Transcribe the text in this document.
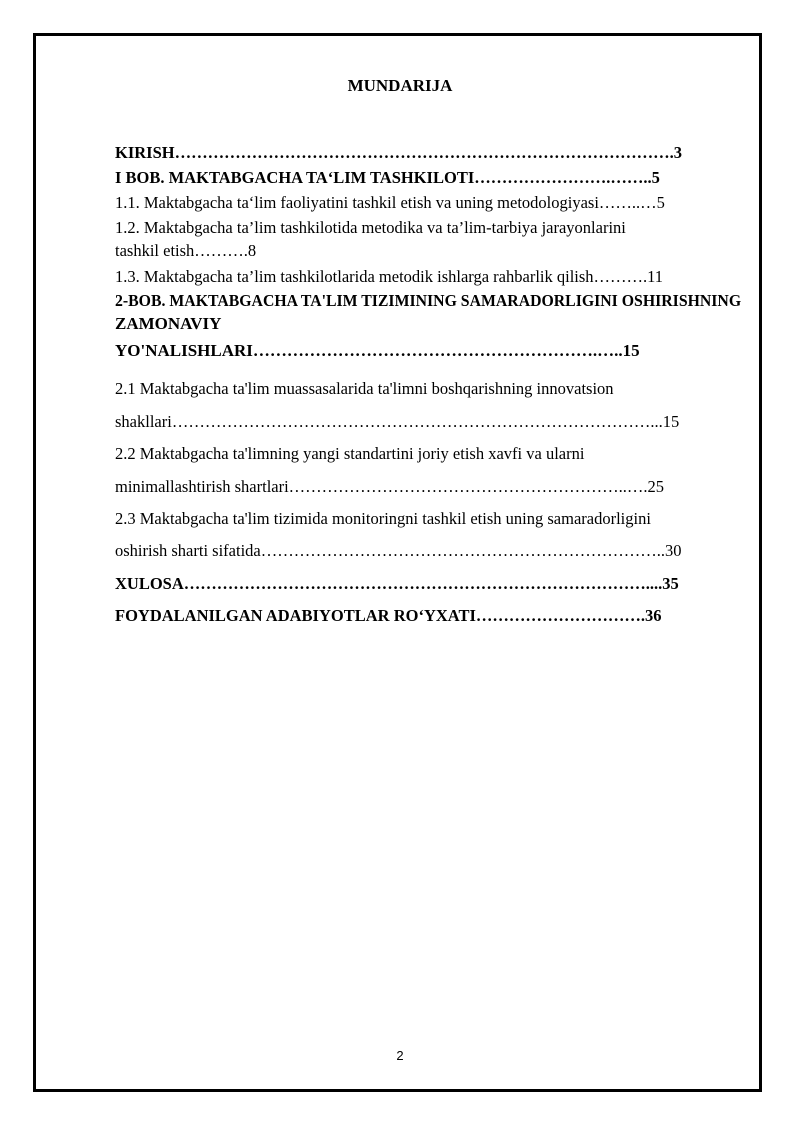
MUNDARIJA
KIRISH……………………………………………………………………………….3
I BOB. MAKTABGACHA TA‘LIM TASHKILOTI…………………….……..5
1.1. Maktabgacha ta‘lim faoliyatini tashkil etish va uning metodologiyasi……..…5
1.2. Maktabgacha ta’lim tashkilotida metodika va ta’lim-tarbiya jarayonlarini
tashkil etish……….8
1.3. Maktabgacha ta’lim tashkilotlarida metodik ishlarga rahbarlik qilish……….11
2-BOB. MAKTABGACHA TA'LIM TIZIMINING SAMARADORLIGINI OSHIRISHNING
ZAMONAVIY
YO'NALISHLARI…………………………………………………….…..15
2.1 Maktabgacha ta'lim muassasalarida ta'limni boshqarishning innovatsion
shakllari……………………………………………………………………………...15
2.2 Maktabgacha ta'limning yangi standartini joriy etish xavfi va ularni
minimallashtirish shartlari……………………………………………………..….25
2.3 Maktabgacha ta'lim tizimida monitoringni tashkil etish uning samaradorligini
oshirish sharti sifatida………………………………………………………………..30
XULOSA…………………………………………………………………………....35
FOYDALANILGAN ADABIYOTLAR RO‘YXATI………………………….36
2
